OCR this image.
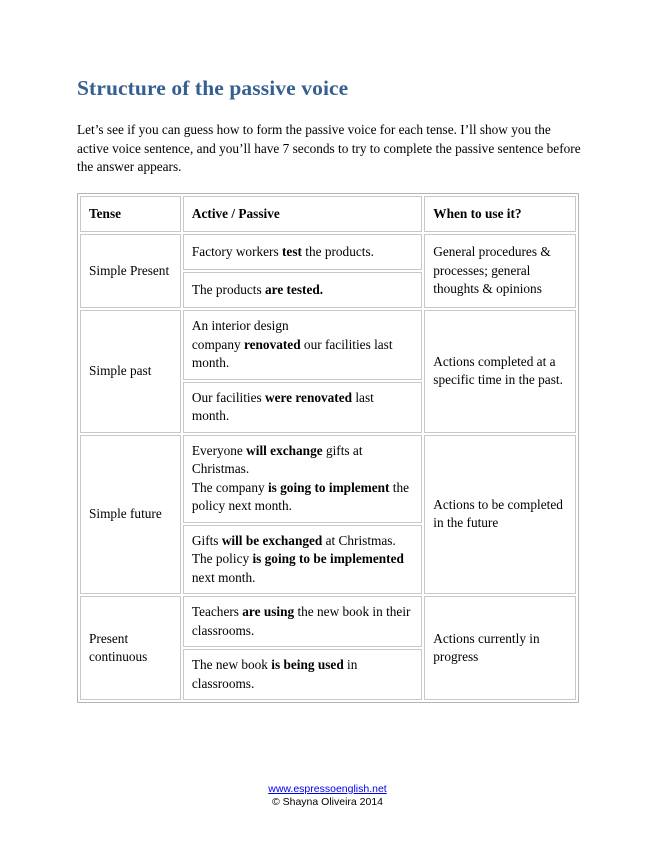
Structure of the passive voice

Let’s see if you can guess how to form the passive voice for each tense. I’ll show you the active voice sentence, and you’ll have 7 seconds to try to complete the passive sentence before the answer appears.

Tense	Active / Passive	When to use it?
Simple Present	Factory workers test the products.	General procedures & processes; general thoughts & opinions
	The products are tested.	
Simple past	An interior design
company renovated our facilities last month.	Actions completed at a specific time in the past.
	Our facilities were renovated last month.	
Simple future	Everyone will exchange gifts at Christmas.
The company is going to implement the policy next month.	Actions to be completed in the future
	Gifts will be exchanged at Christmas.
The policy is going to be implemented next month.	
Present continuous	Teachers are using the new book in their classrooms.	Actions currently in progress
	The new book is being used in classrooms.	
www.espressoenglish.net
© Shayna Oliveira 2014
